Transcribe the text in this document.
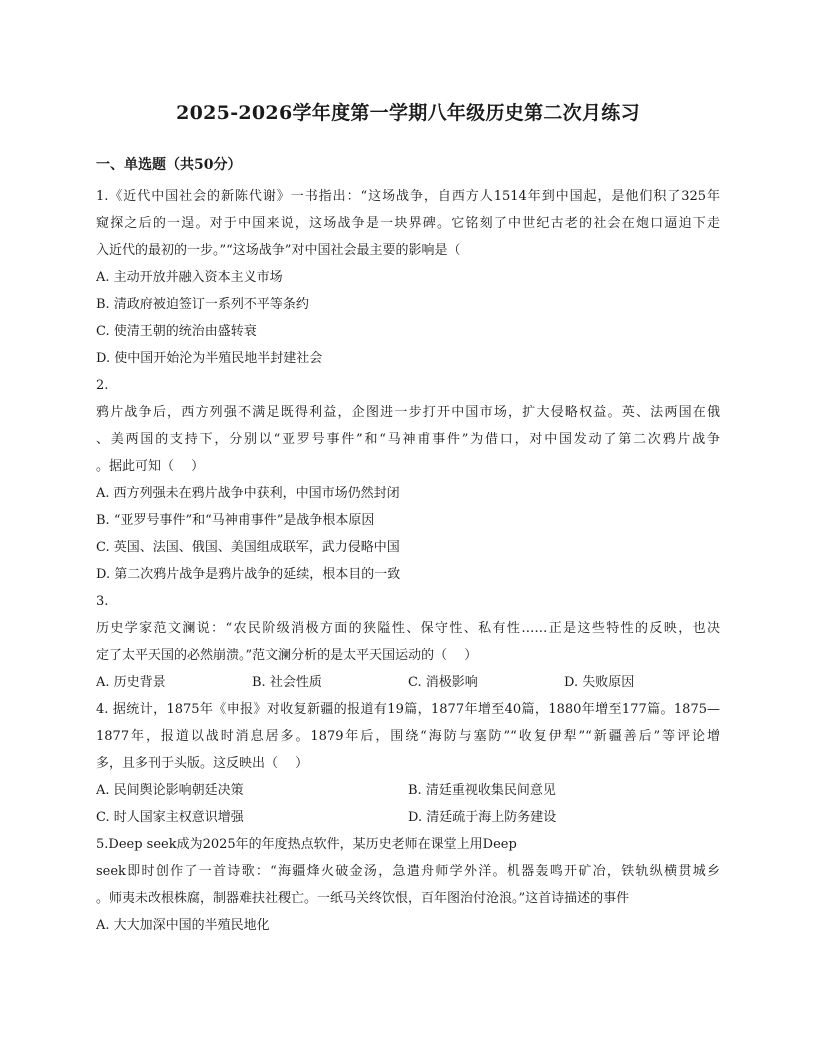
2025-2026学年度第一学期八年级历史第二次月练习
一、单选题（共50分）
1.《近代中国社会的新陈代谢》一书指出：“这场战争，自西方人1514年到中国起，是他们积了325年
窥探之后的一逞。对于中国来说，这场战争是一块界碑。它铭刻了中世纪古老的社会在炮口逼迫下走
入近代的最初的一步。”“这场战争”对中国社会最主要的影响是（
A. 主动开放并融入资本主义市场
B. 清政府被迫签订一系列不平等条约
C. 使清王朝的统治由盛转衰
D. 使中国开始沦为半殖民地半封建社会
2.
鸦片战争后，西方列强不满足既得利益，企图进一步打开中国市场，扩大侵略权益。英、法两国在俄
、美两国的支持下，分别以“亚罗号事件”和“马神甫事件”为借口，对中国发动了第二次鸦片战争
。据此可知（　 ）
A. 西方列强未在鸦片战争中获利，中国市场仍然封闭
B. “亚罗号事件”和“马神甫事件”是战争根本原因
C. 英国、法国、俄国、美国组成联军，武力侵略中国
D. 第二次鸦片战争是鸦片战争的延续，根本目的一致
3.
历史学家范文澜说：“农民阶级消极方面的狭隘性、保守性、私有性……正是这些特性的反映，也决
定了太平天国的必然崩溃。”范文澜分析的是太平天国运动的（　 ）
A. 历史背景	B. 社会性质	C. 消极影响	D. 失败原因
4. 据统计，1875年《申报》对收复新疆的报道有19篇，1877年增至40篇，1880年增至177篇。1875—
1877年，报道以战时消息居多。1879年后，围绕“海防与塞防”“收复伊犁”“新疆善后”等评论增
多，且多刊于头版。这反映出（　 ）
A. 民间舆论影响朝廷决策	B. 清廷重视收集民间意见
C. 时人国家主权意识增强	D. 清廷疏于海上防务建设
5.Deep seek成为2025年的年度热点软件，某历史老师在课堂上用Deep
seek即时创作了一首诗歌：“海疆烽火破金汤，急遣舟师学外洋。机器轰鸣开矿冶，铁轨纵横贯城乡
。师夷未改根株腐，制器难扶社稷亡。一纸马关终饮恨，百年图治付沧浪。”这首诗描述的事件
A. 大大加深中国的半殖民地化
